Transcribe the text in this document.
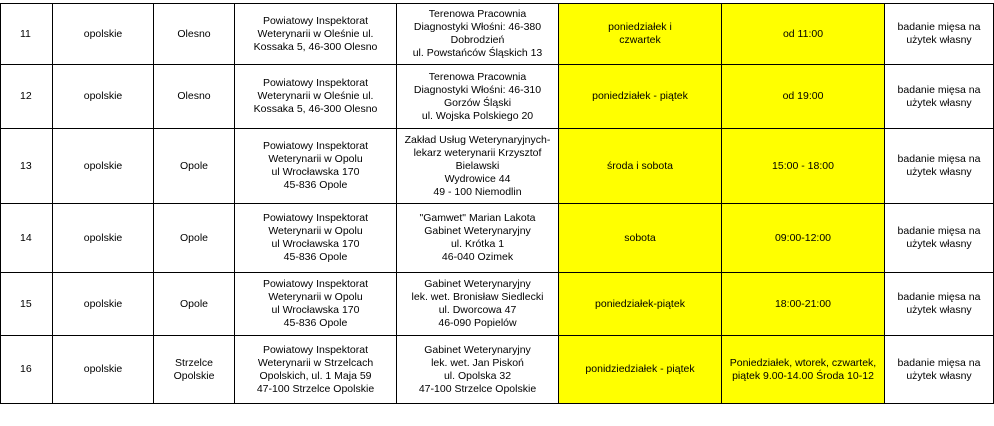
11	opolskie	Olesno	Powiatowy Inspektorat
Weterynarii w Oleśnie ul.
Kossaka 5, 46-300 Olesno	Terenowa Pracownia
Diagnostyki Włośni: 46-380
Dobrodzień
ul. Powstańców Śląskich 13	poniedziałek i
czwartek	od 11:00	badanie mięsa na
użytek własny

12	opolskie	Olesno	Powiatowy Inspektorat
Weterynarii w Oleśnie ul.
Kossaka 5, 46-300 Olesno	Terenowa Pracownia
Diagnostyki Włośni: 46-310
Gorzów Śląski
ul. Wojska Polskiego 20	poniedziałek - piątek	od 19:00	badanie mięsa na
użytek własny

13	opolskie	Opole	Powiatowy Inspektorat
Weterynarii w Opolu
ul Wrocławska 170
45-836 Opole	Zakład Usług Weterynaryjnych-
lekarz weterynarii Krzysztof
Bielawski
Wydrowice 44
49 - 100 Niemodlin	środa i sobota	15:00 - 18:00	badanie mięsa na
użytek własny

14	opolskie	Opole	Powiatowy Inspektorat
Weterynarii w Opolu
ul Wrocławska 170
45-836 Opole	"Gamwet" Marian Lakota
Gabinet Weterynaryjny
ul. Krótka 1
46-040 Ozimek	sobota	09:00-12:00	badanie mięsa na
użytek własny

15	opolskie	Opole	Powiatowy Inspektorat
Weterynarii w Opolu
ul Wrocławska 170
45-836 Opole	Gabinet Weterynaryjny
lek. wet. Bronisław Siedlecki
ul. Dworcowa 47
46-090 Popielów	poniedziałek-piątek	18:00-21:00	badanie mięsa na
użytek własny

16	opolskie	Strzelce
Opolskie	Powiatowy Inspektorat
Weterynarii w Strzelcach
Opolskich, ul. 1 Maja 59
47-100 Strzelce Opolskie	Gabinet Weterynaryjny
lek. wet. Jan Piskoń
ul. Opolska 32
47-100 Strzelce Opolskie	ponidziedziałek - piątek	Poniedziałek, wtorek, czwartek,
piątek 9.00-14.00 Środa 10-12	badanie mięsa na
użytek własny
